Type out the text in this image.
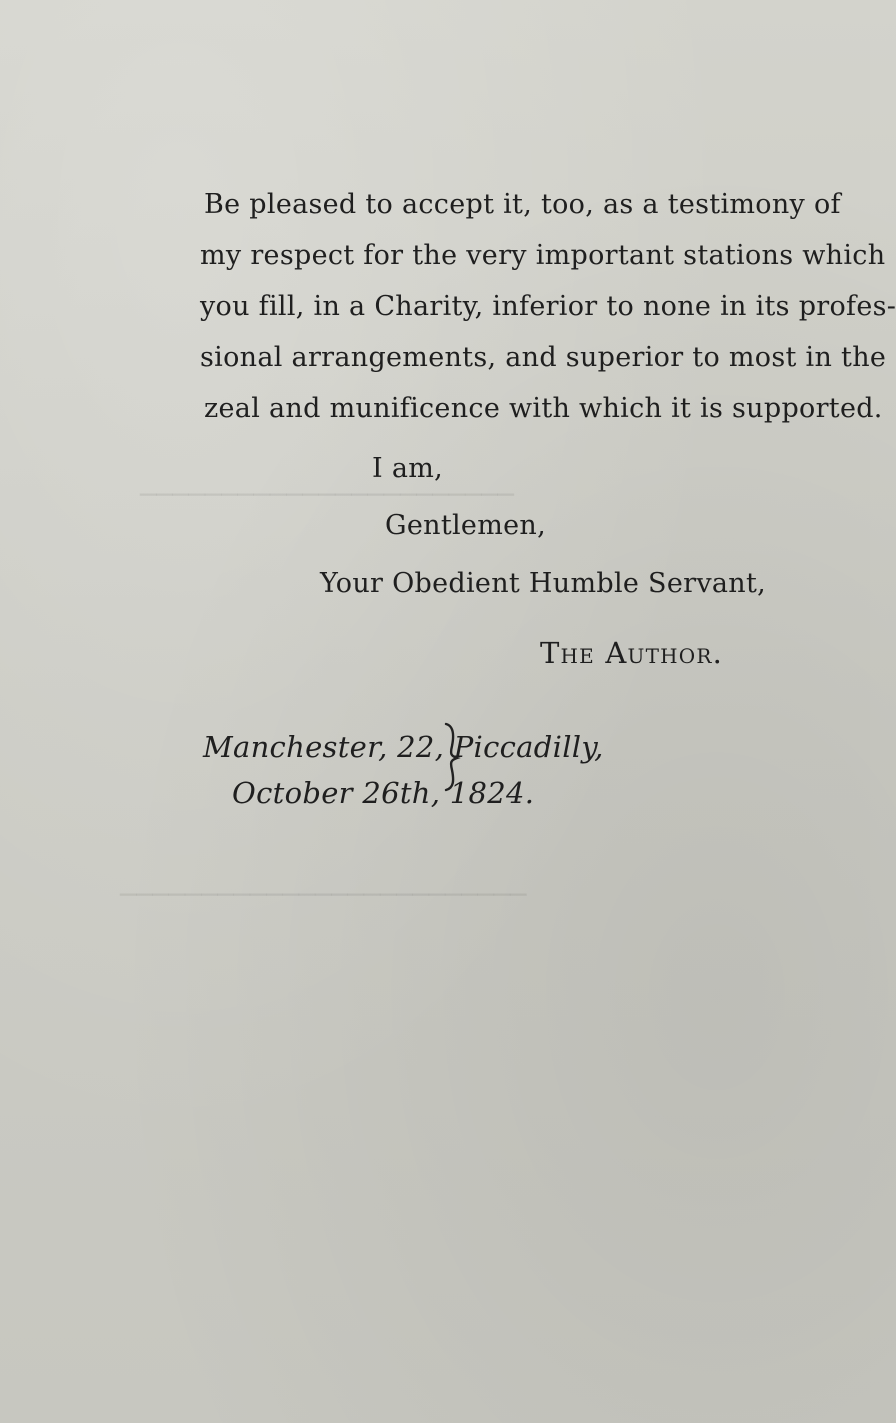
Be pleased to accept it, too, as a testimony of
my respect for the very important stations which
you fill, in a Charity, inferior to none in its profes-
sional arrangements, and superior to most in the
zeal and munificence with which it is supported.
I am,
Gentlemen,
Your Obedient Humble Servant,
The Author.
Manchester, 22, Piccadilly,
October 26th, 1824.
───────────────────────
─────────────────────────
